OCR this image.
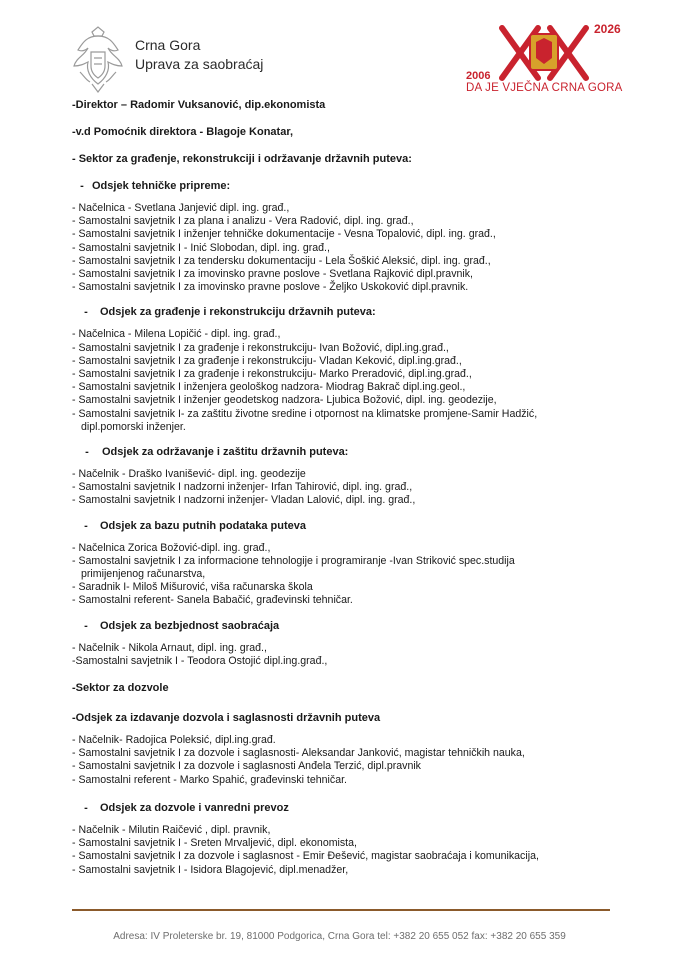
Crna Gora
Uprava za saobraćaj
2026
2006
DA JE VJEČNA CRNA GORA
-Direktor – Radomir Vuksanović, dip.ekonomista
-v.d Pomoćnik direktora - Blagoje Konatar,
- Sektor za građenje, rekonstrukciji i održavanje državnih puteva:
- Odsjek tehničke pripreme:
- Načelnica - Svetlana Janjević dipl. ing. građ.,
- Samostalni savjetnik I za plana i analizu - Vera Radović, dipl. ing. građ.,
- Samostalni savjetnik I inženjer tehničke dokumentacije - Vesna Topalović, dipl. ing. građ.,
- Samostalni savjetnik I - Inić Slobodan, dipl. ing. građ.,
- Samostalni savjetnik I za tendersku dokumentaciju - Lela Šoškić Aleksić, dipl. ing. građ.,
- Samostalni savjetnik I za imovinsko pravne poslove - Svetlana Rajković dipl.pravnik,
- Samostalni savjetnik I za imovinsko pravne poslove - Željko Uskoković dipl.pravnik.
- Odsjek za građenje i rekonstrukciju državnih puteva:
- Načelnica - Milena Lopičić - dipl. ing. građ.,
- Samostalni savjetnik I za građenje i rekonstrukciju- Ivan Božović, dipl.ing.građ.,
- Samostalni savjetnik I za građenje i rekonstrukciju- Vladan Keković, dipl.ing.građ.,
- Samostalni savjetnik I za građenje i rekonstrukciju- Marko Preradović, dipl.ing.građ.,
- Samostalni savjetnik I inženjera geološkog nadzora- Miodrag Bakrač dipl.ing.geol.,
- Samostalni savjetnik I inženjer geodetskog nadzora- Ljubica Božović, dipl. ing. geodezije,
- Samostalni savjetnik I- za zaštitu životne sredine i otpornost na klimatske promjene-Samir Hadžić, dipl.pomorski inženjer.
- Odsjek za održavanje i zaštitu državnih puteva:
- Načelnik - Draško Ivanišević- dipl. ing. geodezije
- Samostalni savjetnik I nadzorni inženjer- Irfan Tahirović, dipl. ing. građ.,
- Samostalni savjetnik I nadzorni inženjer- Vladan Lalović, dipl. ing. građ.,
- Odsjek za bazu putnih podataka puteva
- Načelnica Zorica Božović-dipl. ing. građ.,
- Samostalni savjetnik I za informacione tehnologije i programiranje -Ivan Striković spec.studija primijenjenog računarstva,
- Saradnik I- Miloš Mišurović, viša računarska škola
- Samostalni referent- Sanela Babačić, građevinski tehničar.
- Odsjek za bezbjednost saobraćaja
- Načelnik - Nikola Arnaut, dipl. ing. građ.,
-Samostalni savjetnik I - Teodora Ostojić dipl.ing.građ.,
-Sektor za dozvole
-Odsjek za izdavanje dozvola i saglasnosti državnih puteva
- Načelnik- Radojica Poleksić, dipl.ing.građ.
- Samostalni savjetnik I za dozvole i saglasnosti- Aleksandar Janković, magistar tehničkih nauka,
- Samostalni savjetnik I za dozvole i saglasnosti Anđela Terzić, dipl.pravnik
- Samostalni referent - Marko Spahić, građevinski tehničar.
- Odsjek za dozvole i vanredni prevoz
- Načelnik - Milutin Raičević , dipl. pravnik,
- Samostalni savjetnik I - Sreten Mrvaljević, dipl. ekonomista,
- Samostalni savjetnik I za dozvole i saglasnost - Emir Đešević, magistar saobraćaja i komunikacija,
- Samostalni savjetnik I - Isidora Blagojević, dipl.menadžer,
Adresa: IV Proleterske br. 19, 81000 Podgorica, Crna Gora tel: +382 20 655 052 fax: +382 20 655 359
